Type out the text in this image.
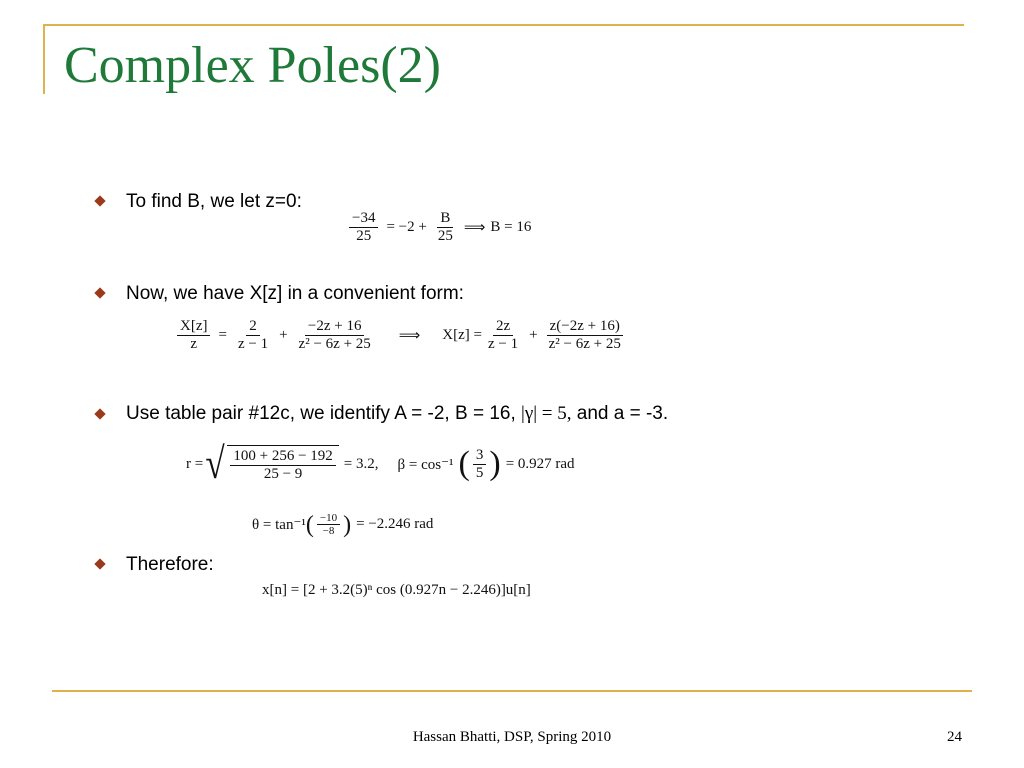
Complex Poles(2)
To find B, we let z=0:
$\frac{-34}{25} = -2 + \frac{B}{25}$ ⟹ B = 16
Now, we have X[z] in a convenient form:
$\frac{X[z]}{z} = \frac{2}{z - 1} + \frac{-2z + 16}{\text{z² − 6z + 25}}$ ⟹ $X[z] = \frac{2z}{z - 1} + \frac{z(-2z + 16)}{\text{z² − 6z + 25}}$
Use table pair #12c, we identify A = -2, B = 16, |γ| = 5, and a = -3.
r = √ $\frac{100 + 256 - 192}{25 - 9} = 3.2$, β = cos⁻¹ ( $\frac{3}{5}$ ) = 0.927 rad
θ = tan⁻¹ ( $\frac{-10}{-8}$ ) = −2.246 rad
Therefore:
x[n] = [2 + 3.2(5)ⁿ cos (0.927n − 2.246)]u[n]
Hassan Bhatti, DSP, Spring 2010	24
